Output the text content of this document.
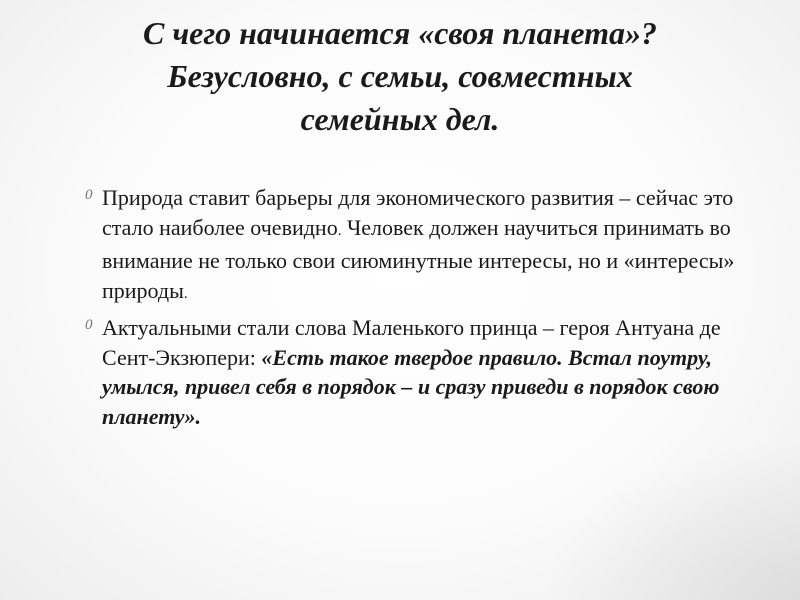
С чего начинается «своя планета»?
Безусловно, с семьи, совместных
семейных дел.
0 Природа ставит барьеры для экономического развития – сейчас это стало наиболее очевидно. Человек должен научиться принимать во внимание не только свои сиюминутные интересы, но и «интересы» природы.
0 Актуальными стали слова Маленького принца – героя Антуана де Сент-Экзюпери: «Есть такое твердое правило. Встал поутру, умылся, привел себя в порядок – и сразу приведи в порядок свою планету».
